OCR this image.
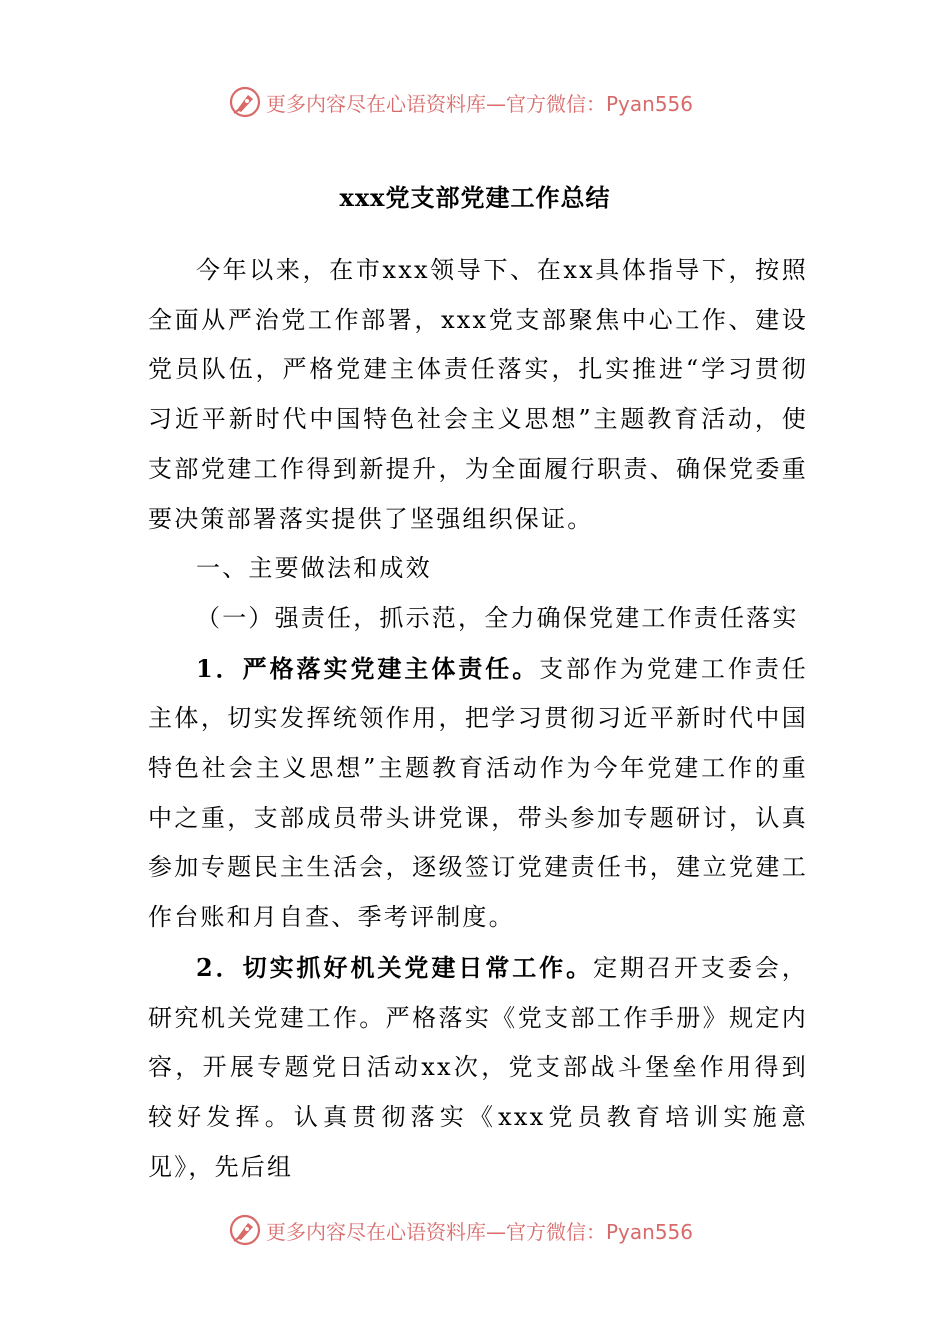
更多内容尽在心语资料库—官方微信：Pyan556
xxx党支部党建工作总结

今年以来，在市xxx领导下、在xx具体指导下，按照全面从严治党工作部署，xxx党支部聚焦中心工作、建设党员队伍，严格党建主体责任落实，扎实推进“学习贯彻习近平新时代中国特色社会主义思想”主题教育活动，使支部党建工作得到新提升，为全面履行职责、确保党委重要决策部署落实提供了坚强组织保证。

一、主要做法和成效

（一）强责任，抓示范，全力确保党建工作责任落实

1．严格落实党建主体责任。支部作为党建工作责任主体，切实发挥统领作用，把学习贯彻习近平新时代中国特色社会主义思想”主题教育活动作为今年党建工作的重中之重，支部成员带头讲党课，带头参加专题研讨，认真参加专题民主生活会，逐级签订党建责任书，建立党建工作台账和月自查、季考评制度。

2．切实抓好机关党建日常工作。定期召开支委会，研究机关党建工作。严格落实《党支部工作手册》规定内容，开展专题党日活动xx次，党支部战斗堡垒作用得到较好发挥。认真贯彻落实《xxx党员教育培训实施意见》，先后组

更多内容尽在心语资料库—官方微信：Pyan556
